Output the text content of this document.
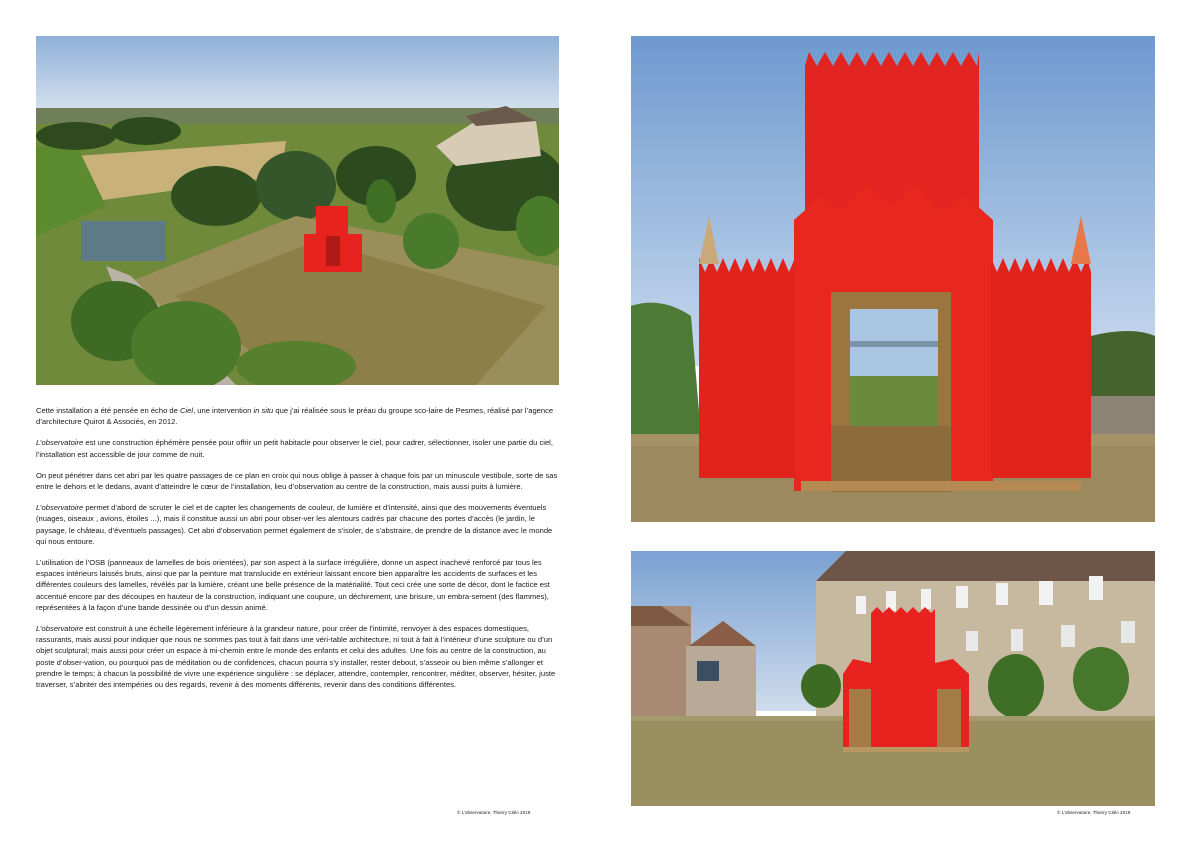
Cette installation a été pensée en écho de Ciel, une intervention in situ que j’ai réalisée sous le préau du groupe sco-laire de Pesmes, réalisé par l’agence d’architecture Quirot & Associés, en 2012.

L’observatoire est une construction éphémère pensée pour offrir un petit habitacle pour observer le ciel, pour cadrer, sélectionner, isoler une partie du ciel, l’installation est accessible de jour comme de nuit.

On peut pénétrer dans cet abri par les quatre passages de ce plan en croix qui nous oblige à passer à chaque fois par un minuscule vestibule, sorte de sas entre le dehors et le dedans, avant d’atteindre le cœur de l’installation, lieu d’observation au centre de la construction, mais aussi puits à lumière.

L’observatoire permet d’abord de scruter le ciel et de capter les changements de couleur, de lumière et d’intensité, ainsi que des mouvements éventuels (nuages, oiseaux , avions, étoiles ...), mais il constitue aussi un abri pour obser-ver les alentours cadrés par chacune des portes d’accès (le jardin, le paysage, le château, d’éventuels passages). Cet abri d’observation permet également de s’isoler, de s’abstraire, de prendre de la distance avec le monde qui nous entoure.

L’utilisation de l’OSB (panneaux de lamelles de bois orientées), par son aspect à la surface irrégulière, donne un aspect inachevé renforcé par tous les espaces intérieurs laissés bruts, ainsi que par la peinture mat translucide en extérieur laissant encore bien apparaître les accidents de surfaces et les différentes couleurs des lamelles, révélés par la lumière, créant une belle présence de la matérialité. Tout ceci crée une sorte de décor, dont le factice est accentué encore par des découpes en hauteur de la construction, indiquant une coupure, un déchirement, une brisure, un embra-sement (des flammes), représentées à la façon d’une bande dessinée ou d’un dessin animé.

L’observatoire est construit à une échelle légèrement inférieure à la grandeur nature, pour créer de l’intimité, renvoyer à des espaces domestiques, rassurants, mais aussi pour indiquer que nous ne sommes pas tout à fait dans une véri-table architecture, ni tout à fait à l’intérieur d’une sculpture ou d’un objet sculptural; mais aussi pour créer un espace à mi-chemin entre le monde des enfants et celui des adultes. Une fois au centre de la construction, au poste d’obser-vation, ou pourquoi pas de méditation ou de confidences, chacun pourra s’y installer, rester debout, s’asseoir ou bien même s’allonger et prendre le temps; à chacun la possibilité de vivre une expérience singulière : se déplacer, attendre, contempler, rencontrer, méditer, observer, hésiter, juste traverser, s’abriter des intempéries ou des regards, revenir à des moments différents, revenir dans des conditions différentes.

© L’observatoire, Thierry Célin 2019	© L’observatoire, Thierry Célin 2019
